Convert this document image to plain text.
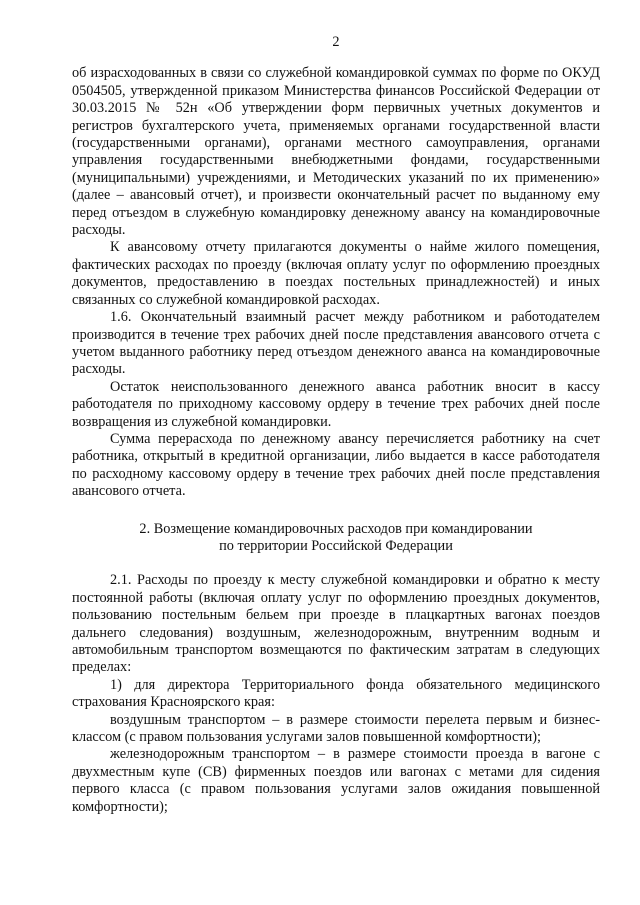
2

об израсходованных в связи со служебной командировкой суммах по форме по ОКУД 0504505, утвержденной приказом Министерства финансов Российской Федерации от 30.03.2015 № 52н «Об утверждении форм первичных учетных документов и регистров бухгалтерского учета, применяемых органами государственной власти (государственными органами), органами местного самоуправления, органами управления государственными внебюджетными фондами, государственными (муниципальными) учреждениями, и Методических указаний по их применению» (далее – авансовый отчет), и произвести окончательный расчет по выданному ему перед отъездом в служебную командировку денежному авансу на командировочные расходы.

К авансовому отчету прилагаются документы о найме жилого помещения, фактических расходах по проезду (включая оплату услуг по оформлению проездных документов, предоставлению в поездах постельных принадлежностей) и иных связанных со служебной командировкой расходах.

1.6. Окончательный взаимный расчет между работником и работодателем производится в течение трех рабочих дней после представления авансового отчета с учетом выданного работнику перед отъездом денежного аванса на командировочные расходы.

Остаток неиспользованного денежного аванса работник вносит в кассу работодателя по приходному кассовому ордеру в течение трех рабочих дней после возвращения из служебной командировки.

Сумма перерасхода по денежному авансу перечисляется работнику на счет работника, открытый в кредитной организации, либо выдается в кассе работодателя по расходному кассовому ордеру в течение трех рабочих дней после представления авансового отчета.

2. Возмещение командировочных расходов при командировании
по территории Российской Федерации

2.1. Расходы по проезду к месту служебной командировки и обратно к месту постоянной работы (включая оплату услуг по оформлению проездных документов, пользованию постельным бельем при проезде в плацкартных вагонах поездов дальнего следования) воздушным, железнодорожным, внутренним водным и автомобильным транспортом возмещаются по фактическим затратам в следующих пределах:

1) для директора Территориального фонда обязательного медицинского страхования Красноярского края:

воздушным транспортом – в размере стоимости перелета первым и бизнес-классом (с правом пользования услугами залов повышенной комфортности);

железнодорожным транспортом – в размере стоимости проезда в вагоне с двухместным купе (СВ) фирменных поездов или вагонах с метами для сидения первого класса (с правом пользования услугами залов ожидания повышенной комфортности);
